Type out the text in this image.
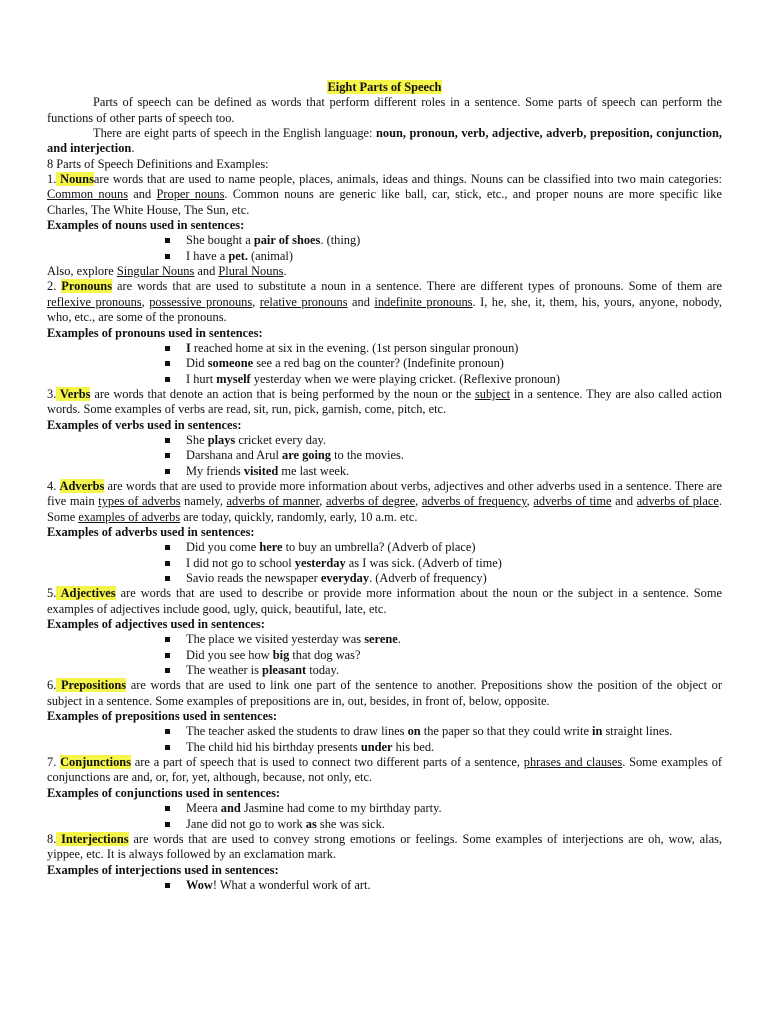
Eight Parts of Speech

Parts of speech can be defined as words that perform different roles in a sentence. Some parts of speech can perform the functions of other parts of speech too.

There are eight parts of speech in the English language: noun, pronoun, verb, adjective, adverb, preposition, conjunction, and interjection.

8 Parts of Speech Definitions and Examples:

1. Nounsare words that are used to name people, places, animals, ideas and things. Nouns can be classified into two main categories: Common nouns and Proper nouns. Common nouns are generic like ball, car, stick, etc., and proper nouns are more specific like Charles, The White House, The Sun, etc.

Examples of nouns used in sentences:

She bought a pair of shoes. (thing)
I have a pet. (animal)

Also, explore Singular Nouns and Plural Nouns.

2. Pronouns are words that are used to substitute a noun in a sentence. There are different types of pronouns. Some of them are reflexive pronouns, possessive pronouns, relative pronouns and indefinite pronouns. I, he, she, it, them, his, yours, anyone, nobody, who, etc., are some of the pronouns.

Examples of pronouns used in sentences:

I reached home at six in the evening. (1st person singular pronoun)
Did someone see a red bag on the counter? (Indefinite pronoun)
I hurt myself yesterday when we were playing cricket. (Reflexive pronoun)

3. Verbs are words that denote an action that is being performed by the noun or the subject in a sentence. They are also called action words. Some examples of verbs are read, sit, run, pick, garnish, come, pitch, etc.

Examples of verbs used in sentences:

She plays cricket every day.
Darshana and Arul are going to the movies.
My friends visited me last week.

4. Adverbs are words that are used to provide more information about verbs, adjectives and other adverbs used in a sentence. There are five main types of adverbs namely, adverbs of manner, adverbs of degree, adverbs of frequency, adverbs of time and adverbs of place. Some examples of adverbs are today, quickly, randomly, early, 10 a.m. etc.

Examples of adverbs used in sentences:

Did you come here to buy an umbrella? (Adverb of place)
I did not go to school yesterday as I was sick. (Adverb of time)
Savio reads the newspaper everyday. (Adverb of frequency)

5. Adjectives are words that are used to describe or provide more information about the noun or the subject in a sentence. Some examples of adjectives include good, ugly, quick, beautiful, late, etc.

Examples of adjectives used in sentences:

The place we visited yesterday was serene.
Did you see how big that dog was?
The weather is pleasant today.

6. Prepositions are words that are used to link one part of the sentence to another. Prepositions show the position of the object or subject in a sentence. Some examples of prepositions are in, out, besides, in front of, below, opposite.

Examples of prepositions used in sentences:

The teacher asked the students to draw lines on the paper so that they could write in straight lines.
The child hid his birthday presents under his bed.

7. Conjunctions are a part of speech that is used to connect two different parts of a sentence, phrases and clauses. Some examples of conjunctions are and, or, for, yet, although, because, not only, etc.

Examples of conjunctions used in sentences:

Meera and Jasmine had come to my birthday party.
Jane did not go to work as she was sick.

8. Interjections are words that are used to convey strong emotions or feelings. Some examples of interjections are oh, wow, alas, yippee, etc. It is always followed by an exclamation mark.

Examples of interjections used in sentences:

Wow! What a wonderful work of art.
